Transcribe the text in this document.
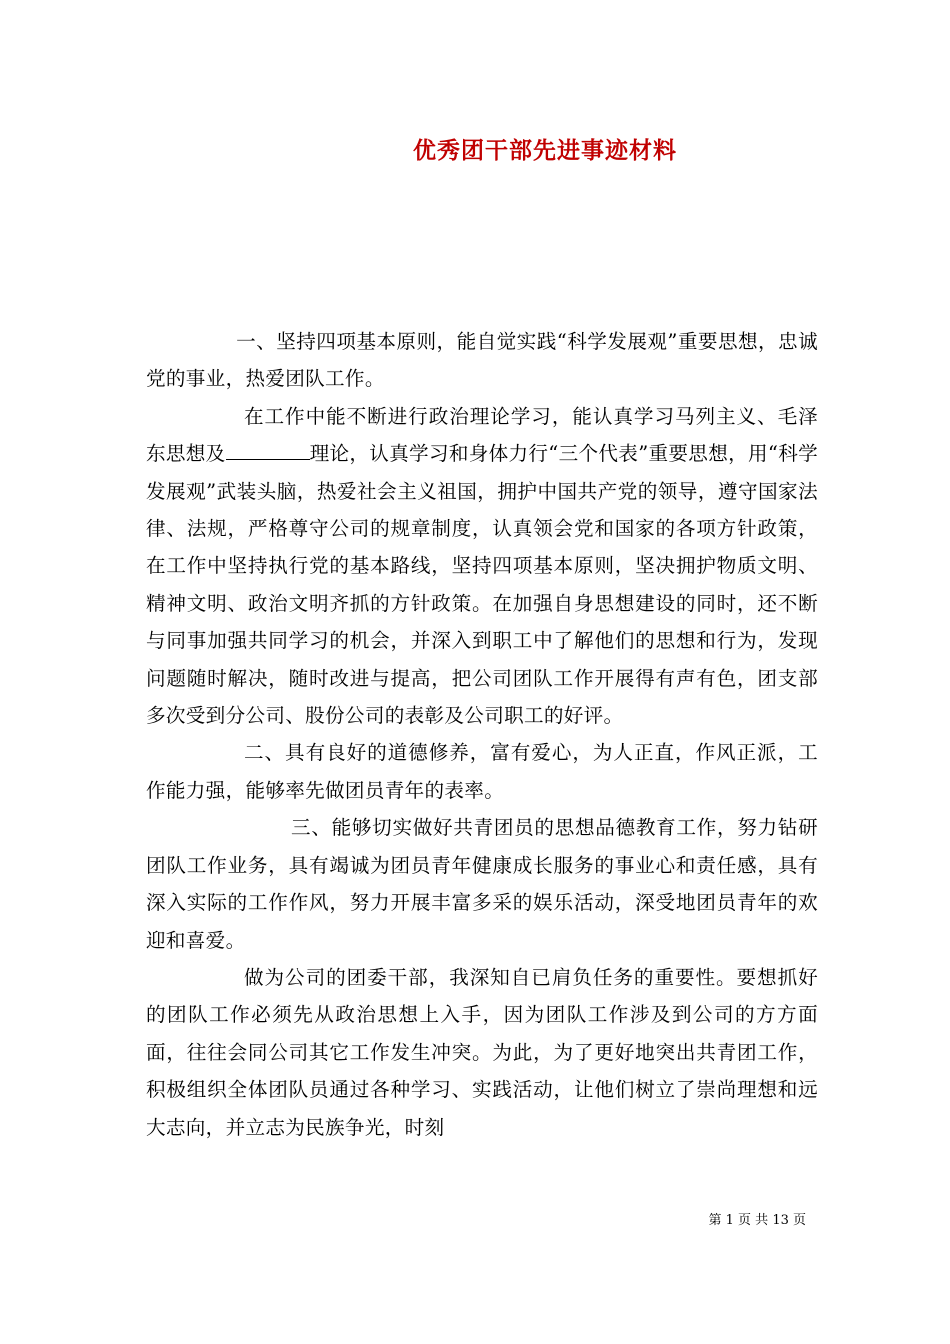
优秀团干部先进事迹材料

一、坚持四项基本原则，能自觉实践“科学发展观”重要思想，忠诚党的事业，热爱团队工作。

在工作中能不断进行政治理论学习，能认真学习马列主义、毛泽东思想及	理论，认真学习和身体力行“三个代表”重要思想，用“科学发展观”武装头脑，热爱社会主义祖国，拥护中国共产党的领导，遵守国家法律、法规，严格尊守公司的规章制度，认真领会党和国家的各项方针政策，在工作中坚持执行党的基本路线，坚持四项基本原则，坚决拥护物质文明、精神文明、政治文明齐抓的方针政策。在加强自身思想建设的同时，还不断与同事加强共同学习的机会，并深入到职工中了解他们的思想和行为，发现问题随时解决，随时改进与提高，把公司团队工作开展得有声有色，团支部多次受到分公司、股份公司的表彰及公司职工的好评。

二、具有良好的道德修养，富有爱心，为人正直，作风正派，工作能力强，能够率先做团员青年的表率。

三、能够切实做好共青团员的思想品德教育工作，努力钻研团队工作业务，具有竭诚为团员青年健康成长服务的事业心和责任感，具有深入实际的工作作风，努力开展丰富多采的娱乐活动，深受地团员青年的欢迎和喜爱。

做为公司的团委干部，我深知自已肩负任务的重要性。要想抓好的团队工作必须先从政治思想上入手，因为团队工作涉及到公司的方方面面，往往会同公司其它工作发生冲突。为此，为了更好地突出共青团工作，积极组织全体团队员通过各种学习、实践活动，让他们树立了崇尚理想和远大志向，并立志为民族争光，时刻

第 1 页 共 13 页
